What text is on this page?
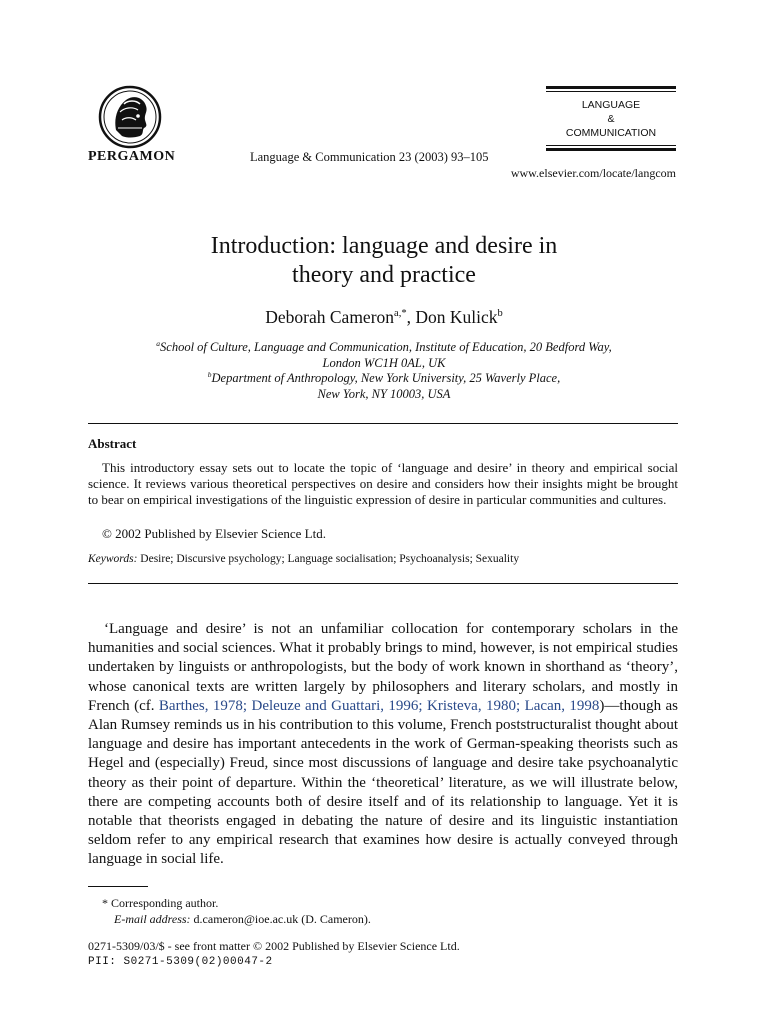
PERGAMON	Language & Communication 23 (2003) 93–105
www.elsevier.com/locate/langcom
LANGUAGE
&
COMMUNICATION
Introduction: language and desire in
theory and practice
Deborah Cameron$^{a,*}$, Don Kulick$^b$
$^a$School of Culture, Language and Communication, Institute of Education, 20 Bedford Way,
London WC1H 0AL, UK
$^b$Department of Anthropology, New York University, 25 Waverly Place,
New York, NY 10003, USA
Abstract

This introductory essay sets out to locate the topic of ‘language and desire’ in theory and empirical social science. It reviews various theoretical perspectives on desire and considers how their insights might be brought to bear on empirical investigations of the linguistic expression of desire in particular communities and cultures.

© 2002 Published by Elsevier Science Ltd.
Keywords: Desire; Discursive psychology; Language socialisation; Psychoanalysis; Sexuality

‘Language and desire’ is not an unfamiliar collocation for contemporary scholars in the humanities and social sciences. What it probably brings to mind, however, is not empirical studies undertaken by linguists or anthropologists, but the body of work known in shorthand as ‘theory’, whose canonical texts are written largely by philosophers and literary scholars, and mostly in French (cf. Barthes, 1978; Deleuze and Guattari, 1996; Kristeva, 1980; Lacan, 1998)—though as Alan Rumsey reminds us in his contribution to this volume, French poststructuralist thought about language and desire has important antecedents in the work of German-speaking theorists such as Hegel and (especially) Freud, since most discussions of language and desire take psychoanalytic theory as their point of departure. Within the ‘theoretical’ literature, as we will illustrate below, there are competing accounts both of desire itself and of its relationship to language. Yet it is notable that theorists engaged in debating the nature of desire and its linguistic instantiation seldom refer to any empirical research that examines how desire is actually conveyed through language in social life.

* Corresponding author.
E-mail address: d.cameron@ioe.ac.uk (D. Cameron).
0271-5309/03/$ - see front matter © 2002 Published by Elsevier Science Ltd.
PII: S0271-5309(02)00047-2
